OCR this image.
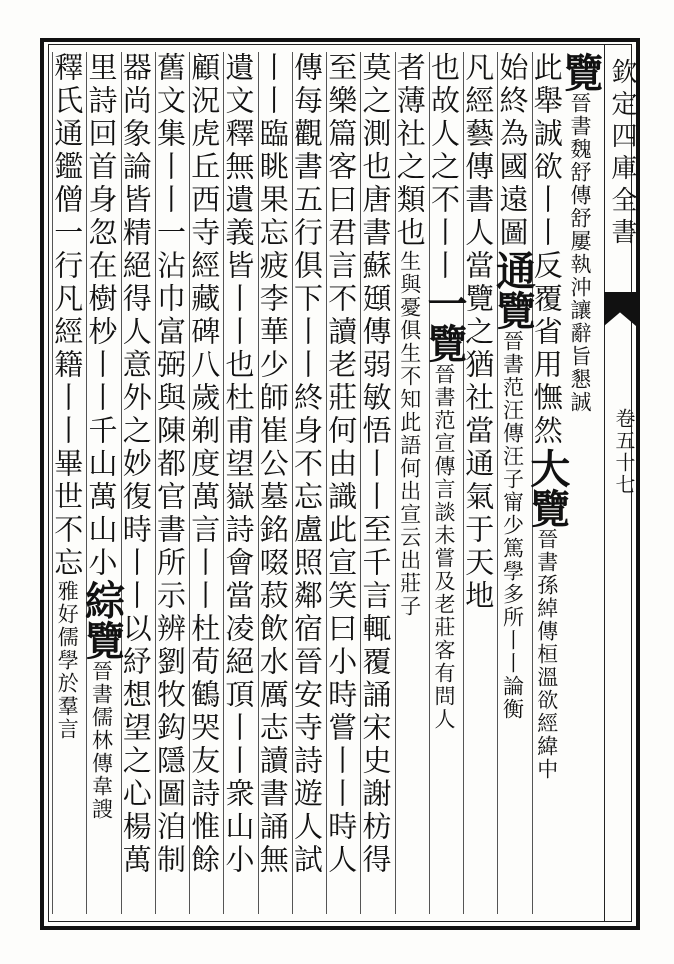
欽定四庫全書
卷五十七
覽晉書魏舒傳舒屢執沖讓辭旨懇誠
此舉誠欲丨丨反覆省用憮然大覽晉書孫綽傳桓溫欲經緯中
始終為國遠圖通覽晉書范汪傳汪子甯少篤學多所丨丨論衡
凡經藝傳書人當覽之猶社當通氣于天地
也故人之不丨丨一覽晉書范宣傳言談未嘗及老莊客有問人
者薄社之類也生與憂俱生不知此語何出宣云出莊子
莫之測也唐書蘇頲傳弱敏悟丨丨至千言輒覆誦宋史謝枋得
至樂篇客曰君言不讀老莊何由識此宣笑曰小時嘗丨丨時人
傳每觀書五行俱下丨丨終身不忘盧照鄰宿晉安寺詩遊人試
丨丨臨眺果忘疲李華少師崔公墓銘啜菽飲水厲志讀書誦無
遺文釋無遺義皆丨丨也杜甫望嶽詩會當凌絕頂丨丨衆山小
顧況虎丘西寺經藏碑八歲剃度萬言丨丨杜荀鶴哭友詩惟餘
舊文集丨丨一沾巾富弼與陳都官書所示辨劉牧鈎隱圖洎制
器尚象論皆精絕得人意外之妙復時丨丨以紓想望之心楊萬
里詩回首身忽在樹杪丨丨千山萬山小綜覽晉書儒林傳韋謏
釋氏通鑑僧一行凡經籍丨丨畢世不忘雅好儒學於羣言
